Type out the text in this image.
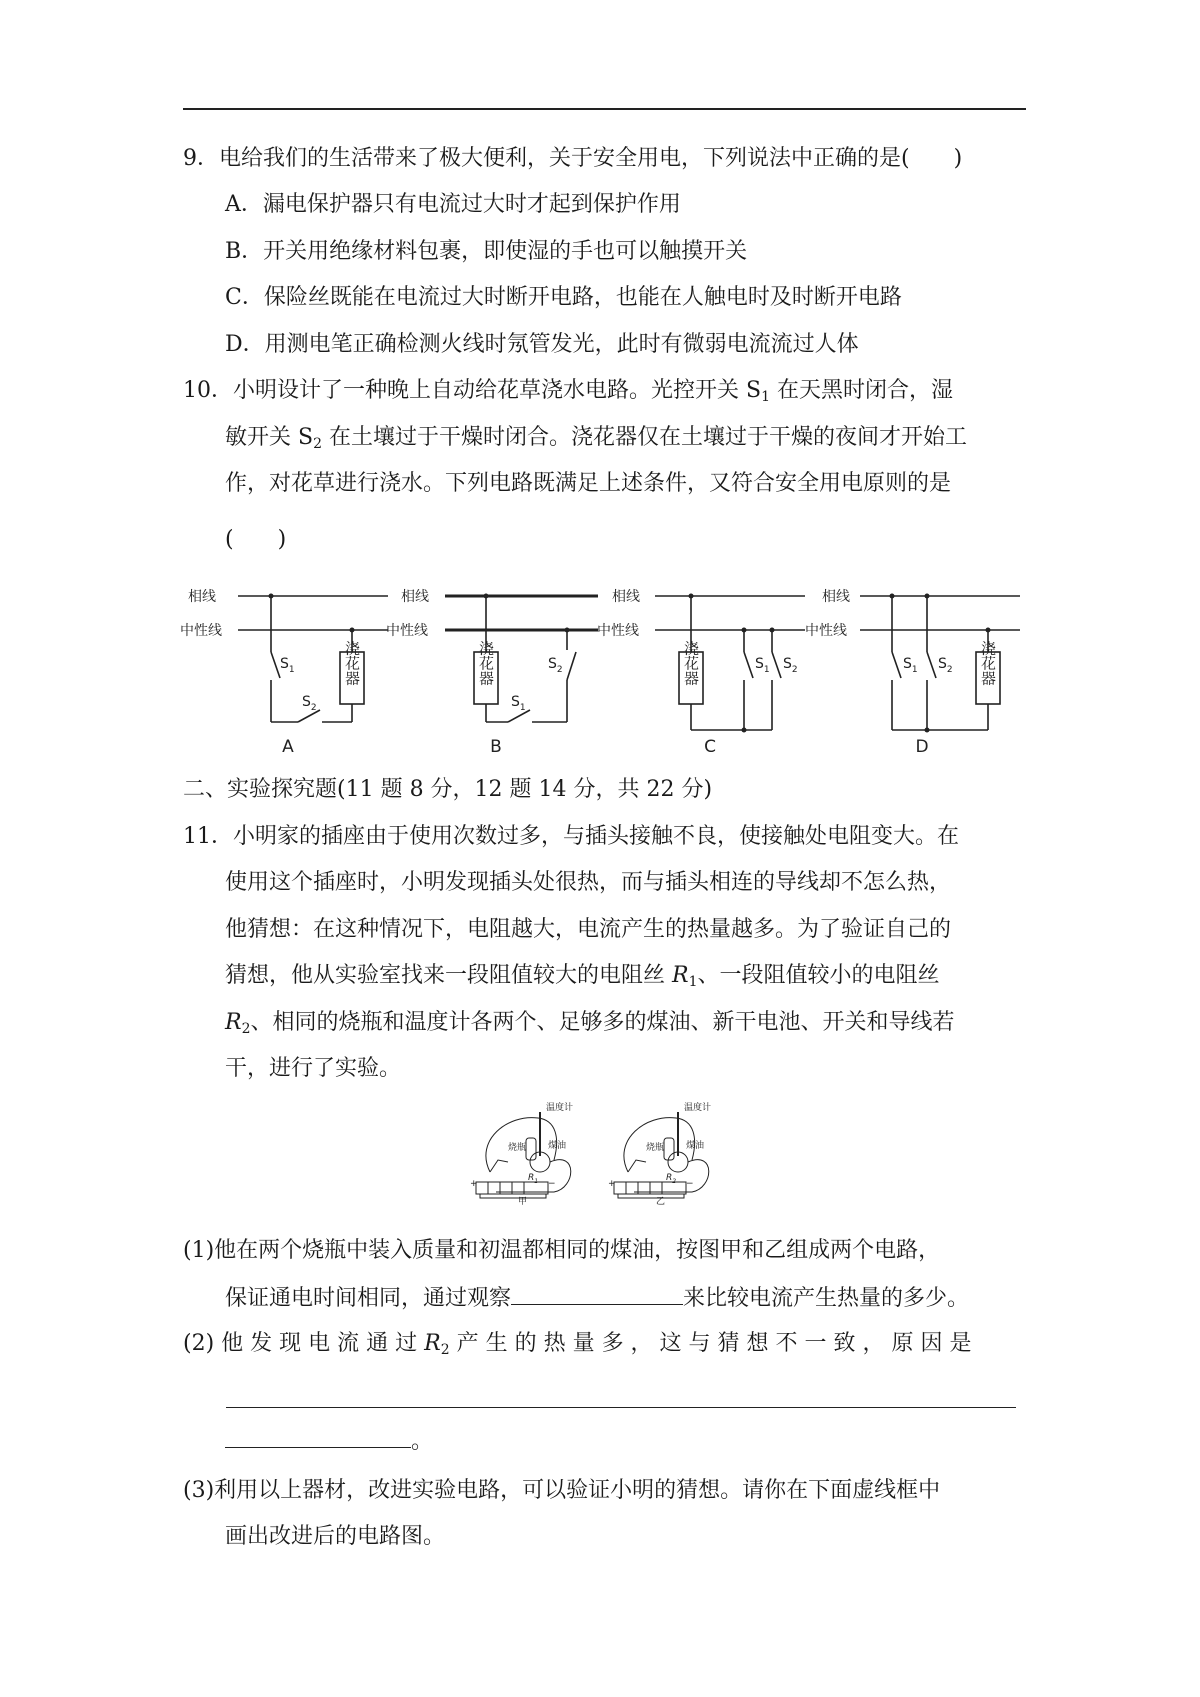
9．电给我们的生活带来了极大便利，关于安全用电，下列说法中正确的是(　　)
A．漏电保护器只有电流过大时才起到保护作用
B．开关用绝缘材料包裹，即使湿的手也可以触摸开关
C．保险丝既能在电流过大时断开电路，也能在人触电时及时断开电路
D．用测电笔正确检测火线时氖管发光，此时有微弱电流流过人体
10．小明设计了一种晚上自动给花草浇水电路。光控开关 $S_1$ 在天黑时闭合，湿
敏开关 $S_2$ 在土壤过于干燥时闭合。浇花器仅在土壤过于干燥的夜间才开始工
作，对花草进行浇水。下列电路既满足上述条件，又符合安全用电原则的是
(　　)
相线
中性线
相线
中性线
相线
中性线
相线
中性线
$S_1$
$S_2$	$S_1$
$S_2$	$S_1$ $S_2$	$S_1$ $S_2$
浇花器	浇花器	浇花器	浇花器
A	B	C	D
二、实验探究题(11 题 8 分，12 题 14 分，共 22 分)
11．小明家的插座由于使用次数过多，与插头接触不良，使接触处电阻变大。在
使用这个插座时，小明发现插头处很热，而与插头相连的导线却不怎么热，
他猜想：在这种情况下，电阻越大，电流产生的热量越多。为了验证自己的
猜想，他从实验室找来一段阻值较大的电阻丝 $R_1$、一段阻值较小的电阻丝
$R_2$、相同的烧瓶和温度计各两个、足够多的煤油、新干电池、开关和导线若
干，进行了实验。
温度计
烧瓶 煤油
$R_1$
+	−
温度计
烧瓶 煤油
$R_2$
+	−
甲	乙
(1)他在两个烧瓶中装入质量和初温都相同的煤油，按图甲和乙组成两个电路，
保证通电时间相同，通过观察	来比较电流产生热量的多少。
(2) 他 发 现 电 流 通 过 $R_2$ 产 生 的 热 量 多 ， 这 与 猜 想 不 一 致 ， 原 因 是
。
(3)利用以上器材，改进实验电路，可以验证小明的猜想。请你在下面虚线框中
画出改进后的电路图。
